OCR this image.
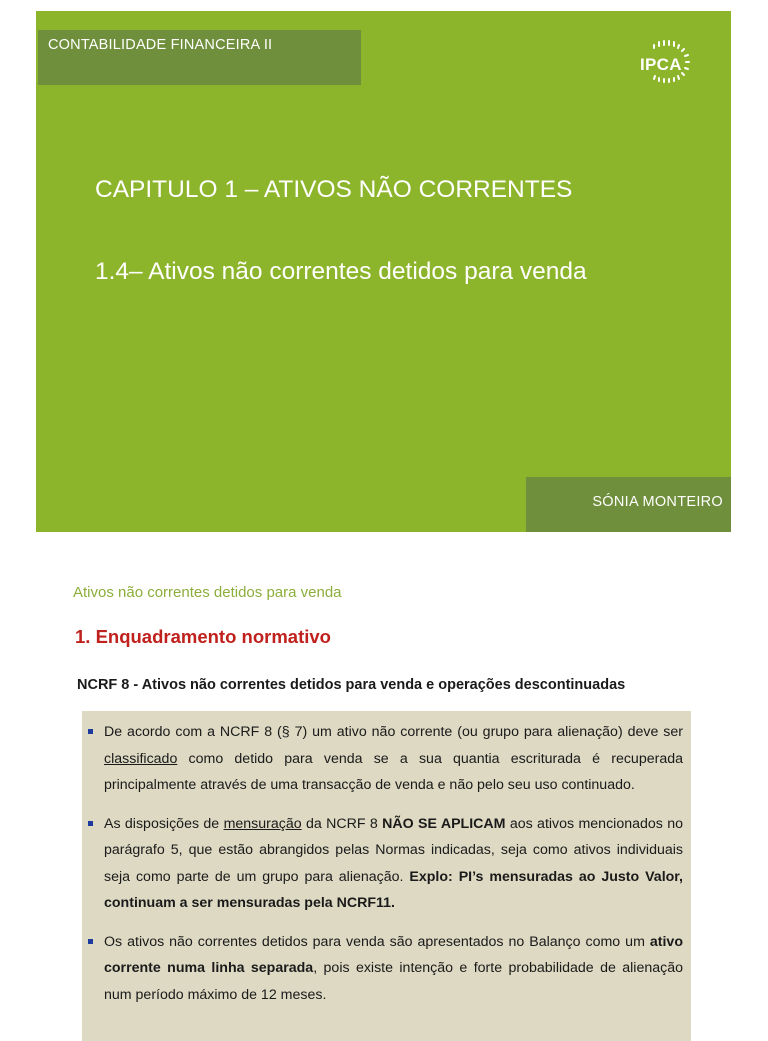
CONTABILIDADE FINANCEIRA II
IPCA
CAPITULO 1 – ATIVOS NÃO CORRENTES
1.4– Ativos não correntes detidos para venda
SÓNIA MONTEIRO
Ativos não correntes detidos para venda
1. Enquadramento normativo
NCRF 8 - Ativos não correntes detidos para venda e operações descontinuadas
De acordo com a NCRF 8 (§ 7) um ativo não corrente (ou grupo para alienação) deve ser classificado como detido para venda se a sua quantia escriturada é recuperada principalmente através de uma transacção de venda e não pelo seu uso continuado.
As disposições de mensuração da NCRF 8 NÃO SE APLICAM aos ativos mencionados no parágrafo 5, que estão abrangidos pelas Normas indicadas, seja como ativos individuais seja como parte de um grupo para alienação. Explo: PI’s mensuradas ao Justo Valor, continuam a ser mensuradas pela NCRF11.
Os ativos não correntes detidos para venda são apresentados no Balanço como um ativo corrente numa linha separada, pois existe intenção e forte probabilidade de alienação num período máximo de 12 meses.
